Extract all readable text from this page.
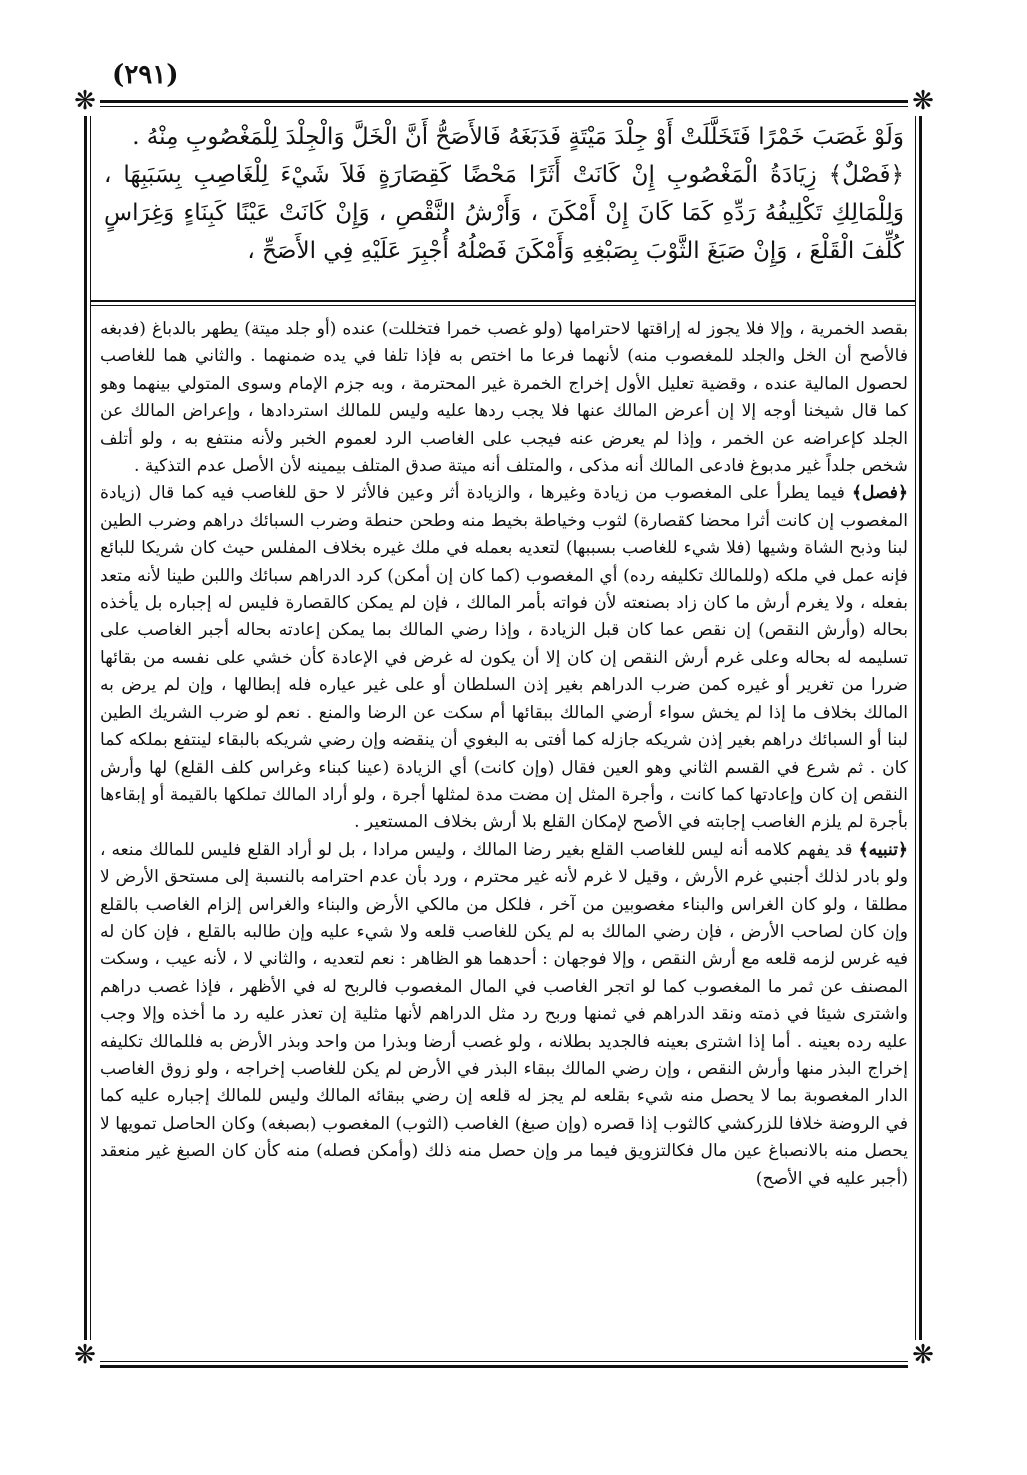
(٢٩١)
❋	❋
❋	❋

وَلَوْ غَصَبَ خَمْرًا فَتَخَلَّلَتْ أَوْ جِلْدَ مَيْتَةٍ فَدَبَغَهُ فَالأَصَحُّ أَنَّ الْخَلَّ وَالْجِلْدَ لِلْمَغْصُوبِ مِنْهُ .

﴿فَصْلٌ﴾ زِيَادَةُ الْمَغْصُوبِ إِنْ كَانَتْ أَثَرًا مَحْضًا كَقِصَارَةٍ فَلاَ شَيْءَ لِلْغَاصِبِ بِسَبَبِهَا ، وَلِلْمَالِكِ تَكْلِيفُهُ رَدِّهِ كَمَا كَانَ إِنْ أَمْكَنَ ، وَأَرْشُ النَّقْصِ ، وَإِنْ كَانَتْ عَيْنًا كَبِنَاءٍ وَغِرَاسٍ كُلِّفَ الْقَلْعَ ، وَإِنْ صَبَغَ الثَّوْبَ بِصَبْغِهِ وَأَمْكَنَ فَصْلُهُ أُجْبِرَ عَلَيْهِ فِي الأَصَحِّ ،

بقصد الخمرية ، وإلا فلا يجوز له إراقتها لاحترامها (ولو غصب خمرا فتخللت) عنده (أو جلد ميتة) يطهر بالدباغ (فدبغه فالأصح أن الخل والجلد للمغصوب منه) لأنهما فرعا ما اختص به فإذا تلفا في يده ضمنهما . والثاني هما للغاصب لحصول المالية عنده ، وقضية تعليل الأول إخراج الخمرة غير المحترمة ، وبه جزم الإمام وسوى المتولي بينهما وهو كما قال شيخنا أوجه إلا إن أعرض المالك عنها فلا يجب ردها عليه وليس للمالك استردادها ، وإعراض المالك عن الجلد كإعراضه عن الخمر ، وإذا لم يعرض عنه فيجب على الغاصب الرد لعموم الخبر ولأنه منتفع به ، ولو أتلف شخص جلداً غير مدبوغ فادعى المالك أنه مذكى ، والمتلف أنه ميتة صدق المتلف بيمينه لأن الأصل عدم التذكية .

﴿فصل﴾ فيما يطرأ على المغصوب من زيادة وغيرها ، والزيادة أثر وعين فالأثر لا حق للغاصب فيه كما قال (زيادة المغصوب إن كانت أثرا محضا كقصارة) لثوب وخياطة بخيط منه وطحن حنطة وضرب السبائك دراهم وضرب الطين لبنا وذبح الشاة وشيها (فلا شيء للغاصب بسببها) لتعديه بعمله في ملك غيره بخلاف المفلس حيث كان شريكا للبائع فإنه عمل في ملكه (وللمالك تكليفه رده) أي المغصوب (كما كان إن أمكن) كرد الدراهم سبائك واللبن طينا لأنه متعد بفعله ، ولا يغرم أرش ما كان زاد بصنعته لأن فواته بأمر المالك ، فإن لم يمكن كالقصارة فليس له إجباره بل يأخذه بحاله (وأرش النقص) إن نقص عما كان قبل الزيادة ، وإذا رضي المالك بما يمكن إعادته بحاله أجبر الغاصب على تسليمه له بحاله وعلى غرم أرش النقص إن كان إلا أن يكون له غرض في الإعادة كأن خشي على نفسه من بقائها ضررا من تغرير أو غيره كمن ضرب الدراهم بغير إذن السلطان أو على غير عياره فله إبطالها ، وإن لم يرض به المالك بخلاف ما إذا لم يخش سواء أرضي المالك ببقائها أم سكت عن الرضا والمنع . نعم لو ضرب الشريك الطين لبنا أو السبائك دراهم بغير إذن شريكه جازله كما أفتى به البغوي أن ينقضه وإن رضي شريكه بالبقاء لينتفع بملكه كما كان . ثم شرع في القسم الثاني وهو العين فقال (وإن كانت) أي الزيادة (عينا كبناء وغراس كلف القلع) لها وأرش النقص إن كان وإعادتها كما كانت ، وأجرة المثل إن مضت مدة لمثلها أجرة ، ولو أراد المالك تملكها بالقيمة أو إبقاءها بأجرة لم يلزم الغاصب إجابته في الأصح لإمكان القلع بلا أرش بخلاف المستعير .

﴿تنبيه﴾ قد يفهم كلامه أنه ليس للغاصب القلع بغير رضا المالك ، وليس مرادا ، بل لو أراد القلع فليس للمالك منعه ، ولو بادر لذلك أجنبي غرم الأرش ، وقيل لا غرم لأنه غير محترم ، ورد بأن عدم احترامه بالنسبة إلى مستحق الأرض لا مطلقا ، ولو كان الغراس والبناء مغصوبين من آخر ، فلكل من مالكي الأرض والبناء والغراس إلزام الغاصب بالقلع وإن كان لصاحب الأرض ، فإن رضي المالك به لم يكن للغاصب قلعه ولا شيء عليه وإن طالبه بالقلع ، فإن كان له فيه غرس لزمه قلعه مع أرش النقص ، وإلا فوجهان : أحدهما هو الظاهر : نعم لتعديه ، والثاني لا ، لأنه عيب ، وسكت المصنف عن ثمر ما المغصوب كما لو اتجر الغاصب في المال المغصوب فالربح له في الأظهر ، فإذا غصب دراهم واشترى شيئا في ذمته ونقد الدراهم في ثمنها وربح رد مثل الدراهم لأنها مثلية إن تعذر عليه رد ما أخذه وإلا وجب عليه رده بعينه . أما إذا اشترى بعينه فالجديد بطلانه ، ولو غصب أرضا وبذرا من واحد وبذر الأرض به فللمالك تكليفه إخراج البذر منها وأرش النقص ، وإن رضي المالك ببقاء البذر في الأرض لم يكن للغاصب إخراجه ، ولو زوق الغاصب الدار المغصوبة بما لا يحصل منه شيء بقلعه لم يجز له قلعه إن رضي ببقائه المالك وليس للمالك إجباره عليه كما في الروضة خلافا للزركشي كالثوب إذا قصره (وإن صبغ) الغاصب (الثوب) المغصوب (بصبغه) وكان الحاصل تمويها لا يحصل منه بالانصباغ عين مال فكالتزويق فيما مر وإن حصل منه ذلك (وأمكن فصله) منه كأن كان الصبغ غير منعقد (أجبر عليه في الأصح)
